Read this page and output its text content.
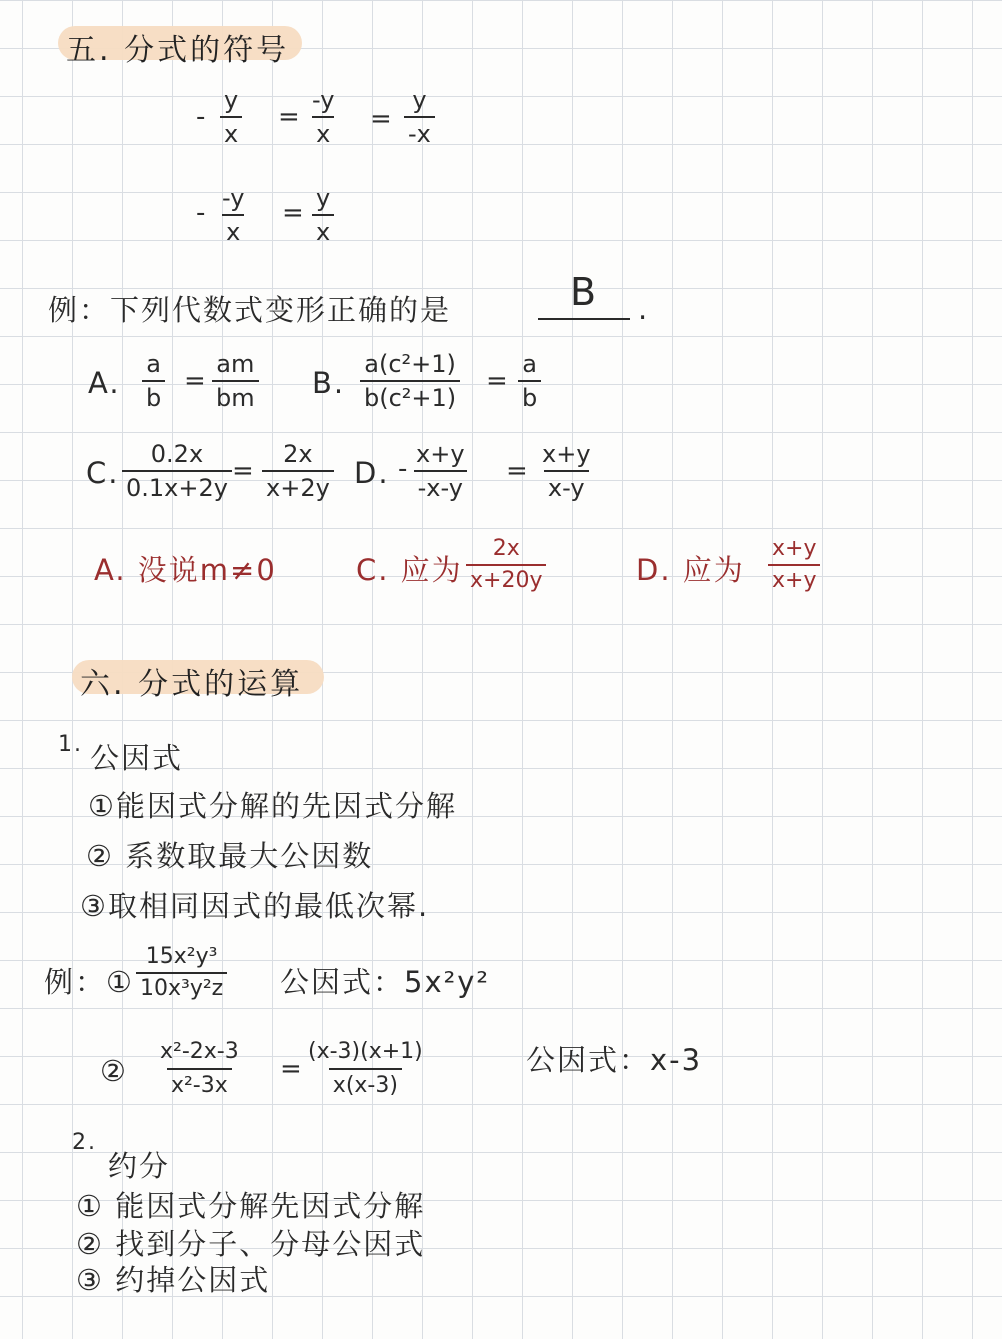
五. 分式的符号
- $\frac{y}{x} = \frac{-y}{x} = \frac{y}{-x}$
- $\frac{-y}{x} = \frac{y}{x}$
例：下列代数式变形正确的是	B .
A. $\frac{a}{b} = \frac{am}{bm} B$. $\frac{\text{a(c²+1)}}{\text{b(c²+1)}} = \frac{a}{b}$
C. $\frac{0.2x}{0.1x+2y} = \frac{2x}{x+2y} D$. - $\frac{x+y}{-x-y} = \frac{x+y}{x-y}$
A. 没说m≠0	C. 应为 $\frac{2x}{x+20y}$	D. 应为 $\frac{x+y}{x+y}$
六. 分式的运算
1. 公因式
①能因式分解的先因式分解
② 系数取最大公因数
③取相同因式的最低次幂.
例：① $\frac{\text{15x²y³}}{\text{10x³y²z}}$ 公因式：5x²y²
② $\frac{\text{x²-2x-3}}{\text{x²-3x}} = \frac{(x-3)(x+1)}{x(x-3)}$	公因式：x-3
2.
约分
① 能因式分解先因式分解
② 找到分子、分母公因式
③ 约掉公因式
